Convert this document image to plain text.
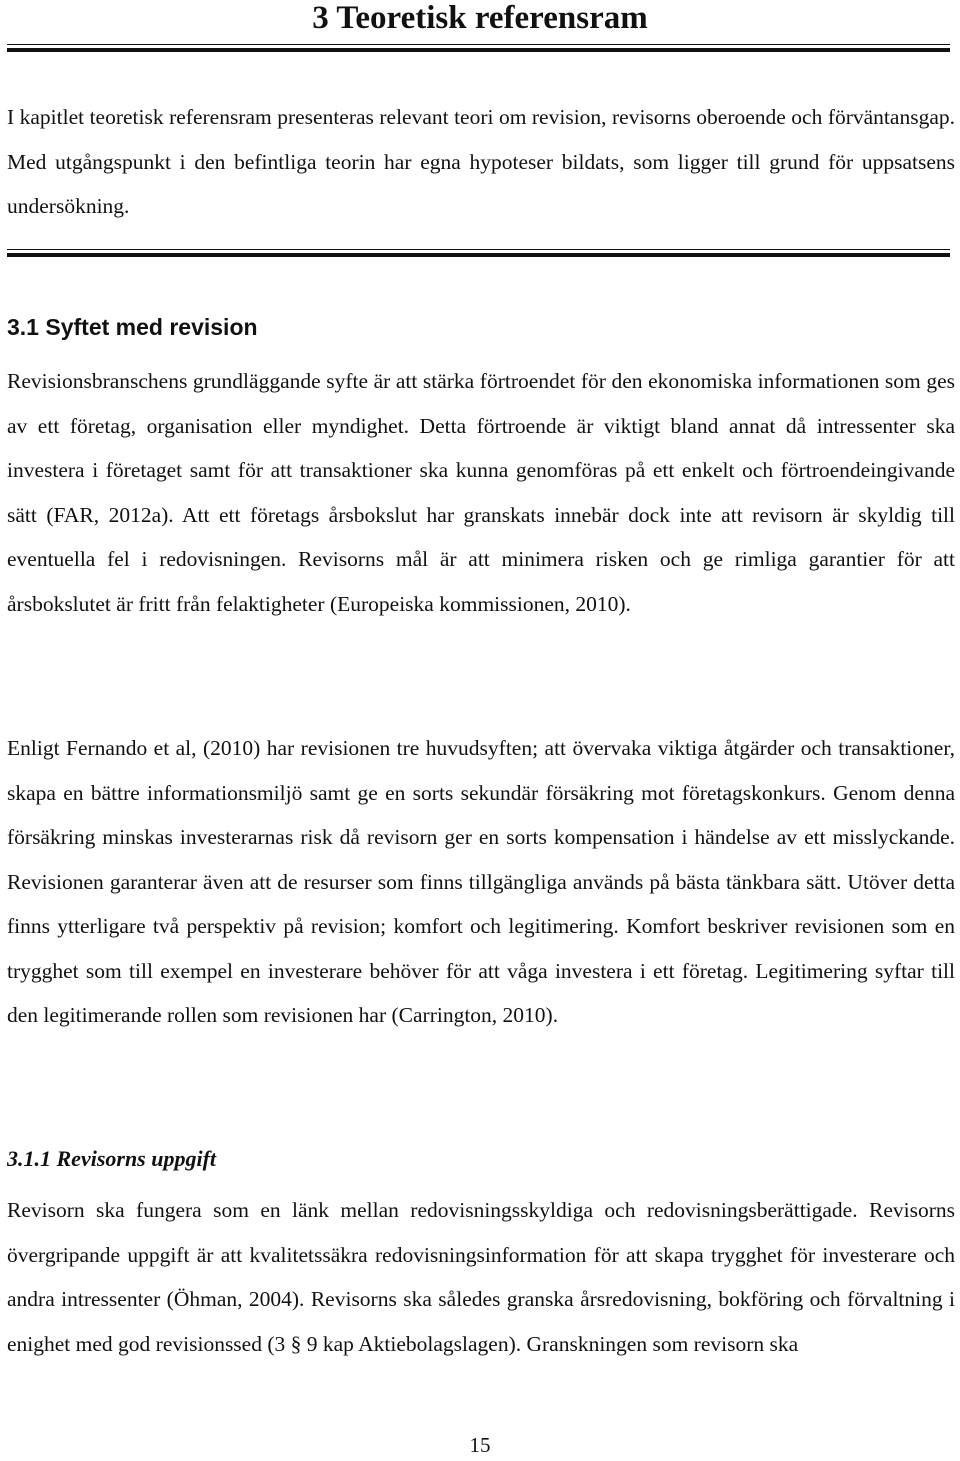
3 Teoretisk referensram

I kapitlet teoretisk referensram presenteras relevant teori om revision, revisorns oberoende och förväntansgap. Med utgångspunkt i den befintliga teorin har egna hypoteser bildats, som ligger till grund för uppsatsens undersökning.

3.1 Syftet med revision

Revisionsbranschens grundläggande syfte är att stärka förtroendet för den ekonomiska informationen som ges av ett företag, organisation eller myndighet. Detta förtroende är viktigt bland annat då intressenter ska investera i företaget samt för att transaktioner ska kunna genomföras på ett enkelt och förtroendeingivande sätt (FAR, 2012a). Att ett företags årsbokslut har granskats innebär dock inte att revisorn är skyldig till eventuella fel i redovisningen. Revisorns mål är att minimera risken och ge rimliga garantier för att årsbokslutet är fritt från felaktigheter (Europeiska kommissionen, 2010).

Enligt Fernando et al, (2010) har revisionen tre huvudsyften; att övervaka viktiga åtgärder och transaktioner, skapa en bättre informationsmiljö samt ge en sorts sekundär försäkring mot företagskonkurs. Genom denna försäkring minskas investerarnas risk då revisorn ger en sorts kompensation i händelse av ett misslyckande. Revisionen garanterar även att de resurser som finns tillgängliga används på bästa tänkbara sätt. Utöver detta finns ytterligare två perspektiv på revision; komfort och legitimering. Komfort beskriver revisionen som en trygghet som till exempel en investerare behöver för att våga investera i ett företag. Legitimering syftar till den legitimerande rollen som revisionen har (Carrington, 2010).

3.1.1 Revisorns uppgift

Revisorn ska fungera som en länk mellan redovisningsskyldiga och redovisningsberättigade. Revisorns övergripande uppgift är att kvalitetssäkra redovisningsinformation för att skapa trygghet för investerare och andra intressenter (Öhman, 2004). Revisorns ska således granska årsredovisning, bokföring och förvaltning i enighet med god revisionssed (3 § 9 kap Aktiebolagslagen). Granskningen som revisorn ska

15
